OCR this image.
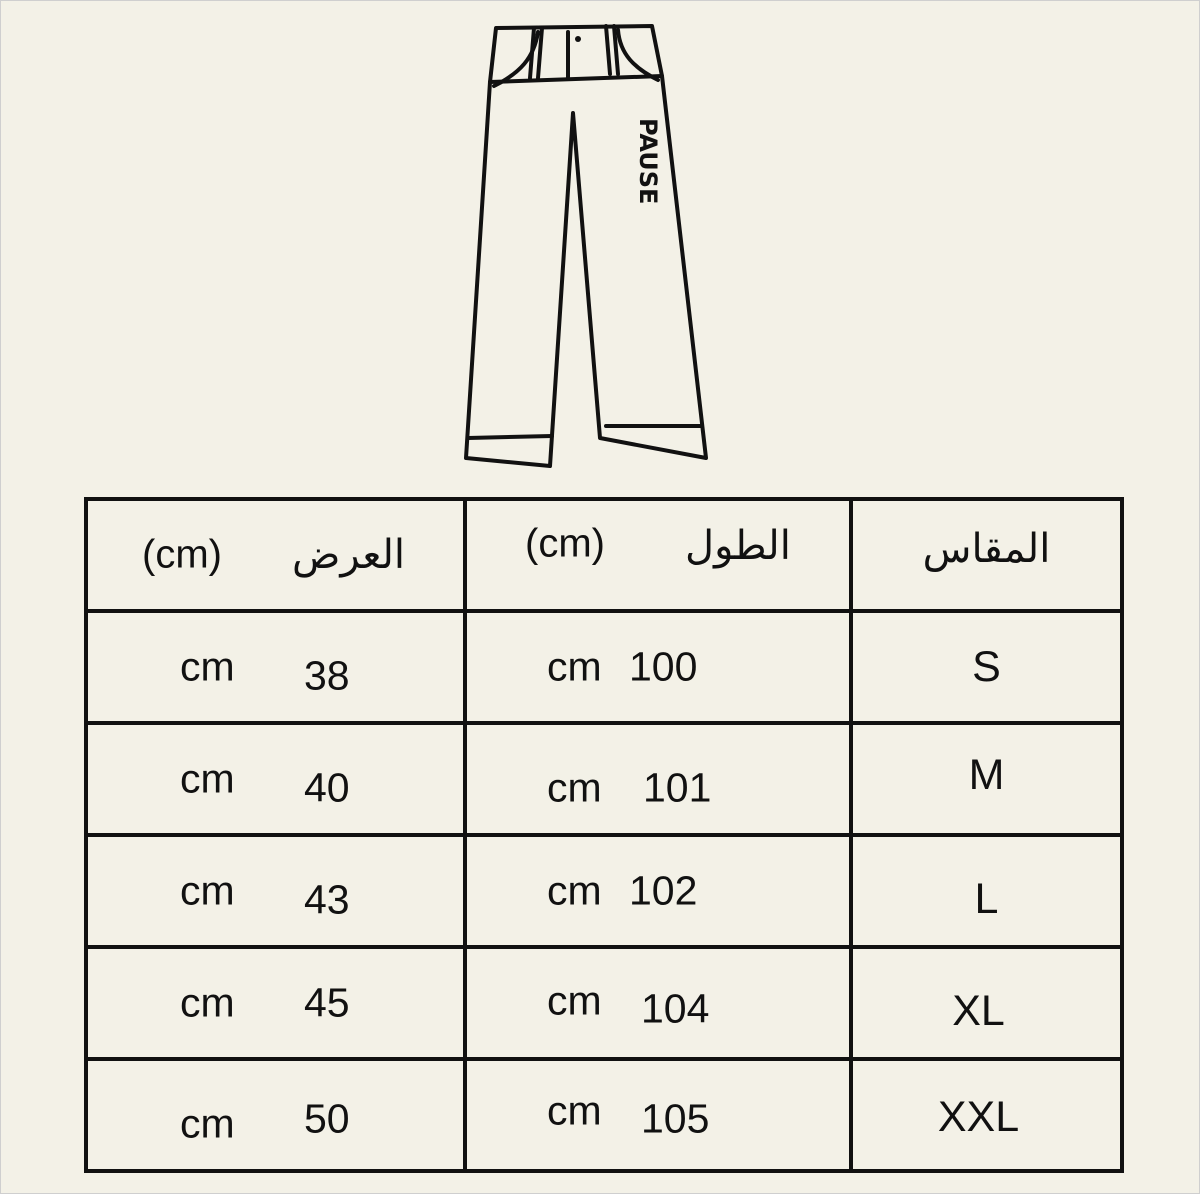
PAUSE
(cm) العرض	(cm) الطول	المقاس

cm 38	cm 100	S

cm 40	cm 101	M

cm 43	cm 102	L

cm 45	cm 104	XL

cm 50	cm 105	XXL
